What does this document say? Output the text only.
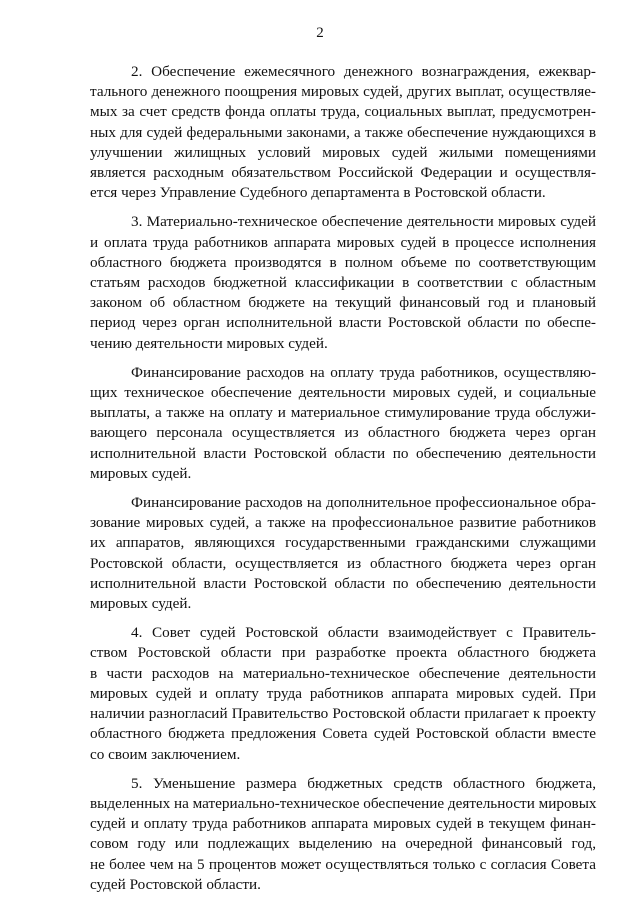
2

2. Обеспечение ежемесячного денежного вознаграждения, ежеквар-
тального денежного поощрения мировых судей, других выплат, осуществляе-
мых за счет средств фонда оплаты труда, социальных выплат, предусмотрен-
ных для судей федеральными законами, а также обеспечение нуждающихся в
улучшении жилищных условий мировых судей жилыми помещениями
является расходным обязательством Российской Федерации и осуществля-
ется через Управление Судебного департамента в Ростовской области.

3. Материально-техническое обеспечение деятельности мировых судей
и оплата труда работников аппарата мировых судей в процессе исполнения
областного бюджета производятся в полном объеме по соответствующим
статьям расходов бюджетной классификации в соответствии с областным
законом об областном бюджете на текущий финансовый год и плановый
период через орган исполнительной власти Ростовской области по обеспе-
чению деятельности мировых судей.

Финансирование расходов на оплату труда работников, осуществляю-
щих техническое обеспечение деятельности мировых судей, и социальные
выплаты, а также на оплату и материальное стимулирование труда обслужи-
вающего персонала осуществляется из областного бюджета через орган
исполнительной власти Ростовской области по обеспечению деятельности
мировых судей.

Финансирование расходов на дополнительное профессиональное обра-
зование мировых судей, а также на профессиональное развитие работников
их аппаратов, являющихся государственными гражданскими служащими
Ростовской области, осуществляется из областного бюджета через орган
исполнительной власти Ростовской области по обеспечению деятельности
мировых судей.

4. Совет судей Ростовской области взаимодействует с Правитель-
ством Ростовской области при разработке проекта областного бюджета
в части расходов на материально-техническое обеспечение деятельности
мировых судей и оплату труда работников аппарата мировых судей. При
наличии разногласий Правительство Ростовской области прилагает к проекту
областного бюджета предложения Совета судей Ростовской области вместе
со своим заключением.

5. Уменьшение размера бюджетных средств областного бюджета,
выделенных на материально-техническое обеспечение деятельности мировых
судей и оплату труда работников аппарата мировых судей в текущем финан-
совом году или подлежащих выделению на очередной финансовый год,
не более чем на 5 процентов может осуществляться только с согласия Совета
судей Ростовской области.
